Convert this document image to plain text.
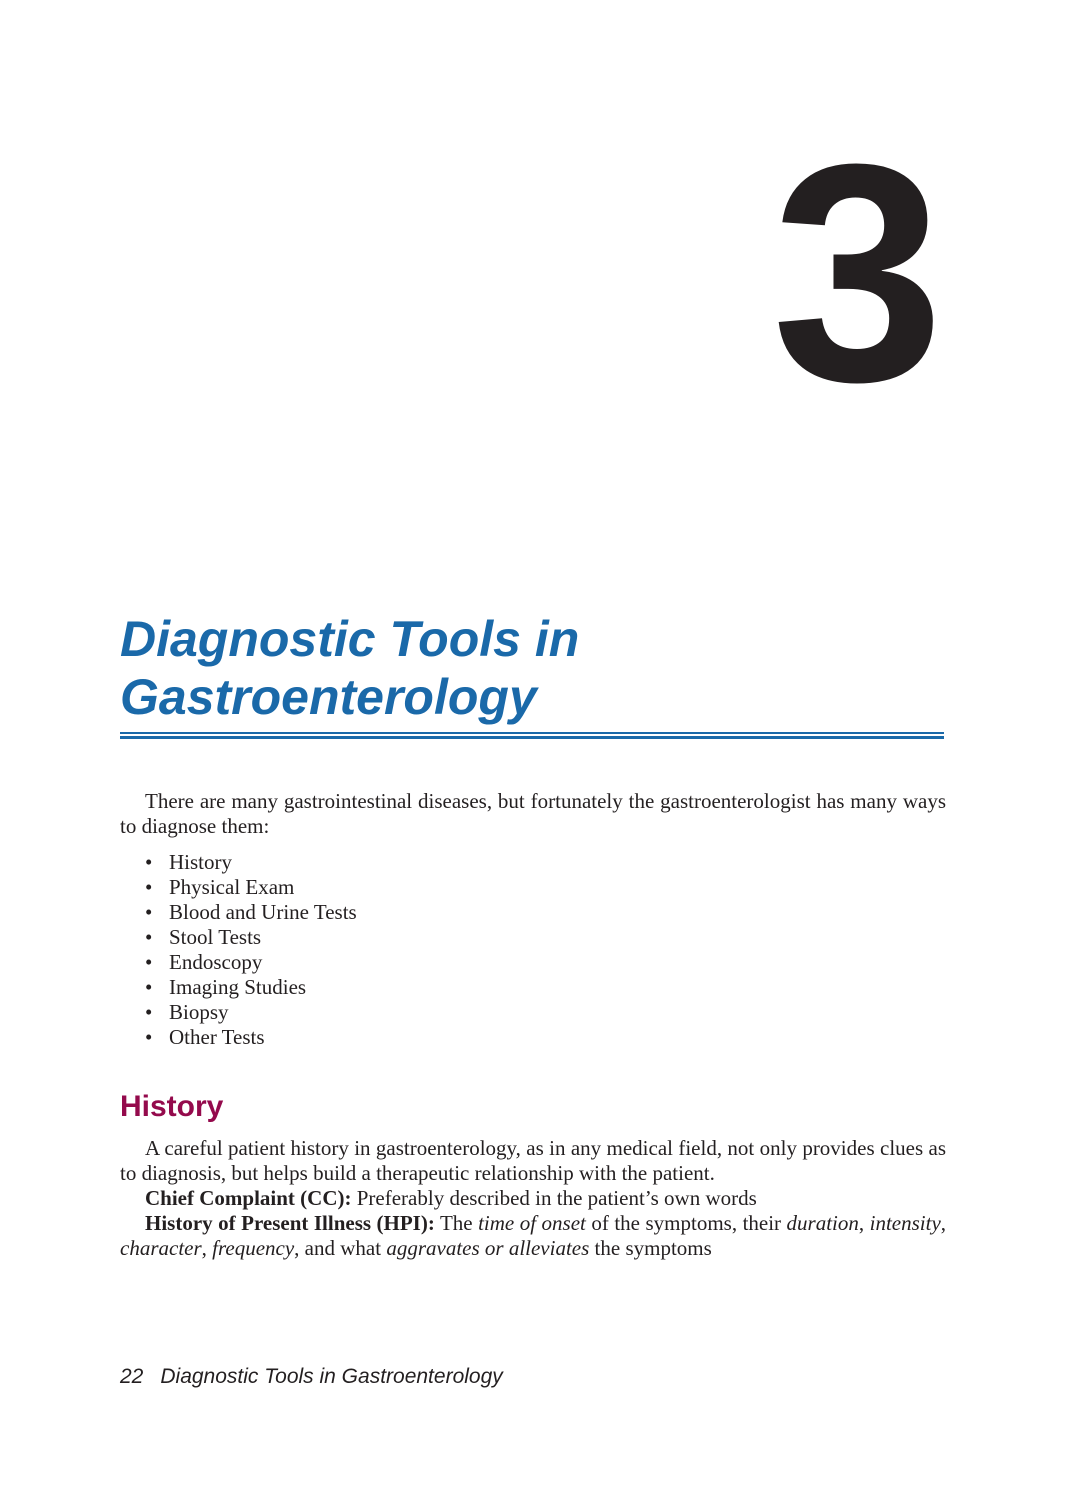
3
Diagnostic Tools in
Gastroenterology

There are many gastrointestinal diseases, but fortunately the gastroenterologist has many ways to diagnose them:

• History
• Physical Exam
• Blood and Urine Tests
• Stool Tests
• Endoscopy
• Imaging Studies
• Biopsy
• Other Tests
History

A careful patient history in gastroenterology, as in any medical field, not only provides clues as to diagnosis, but helps build a therapeutic relationship with the patient.

Chief Complaint (CC): Preferably described in the patient’s own words

History of Present Illness (HPI): The time of onset of the symptoms, their duration, intensity, character, frequency, and what aggravates or alleviates the symptoms

22 Diagnostic Tools in Gastroenterology
